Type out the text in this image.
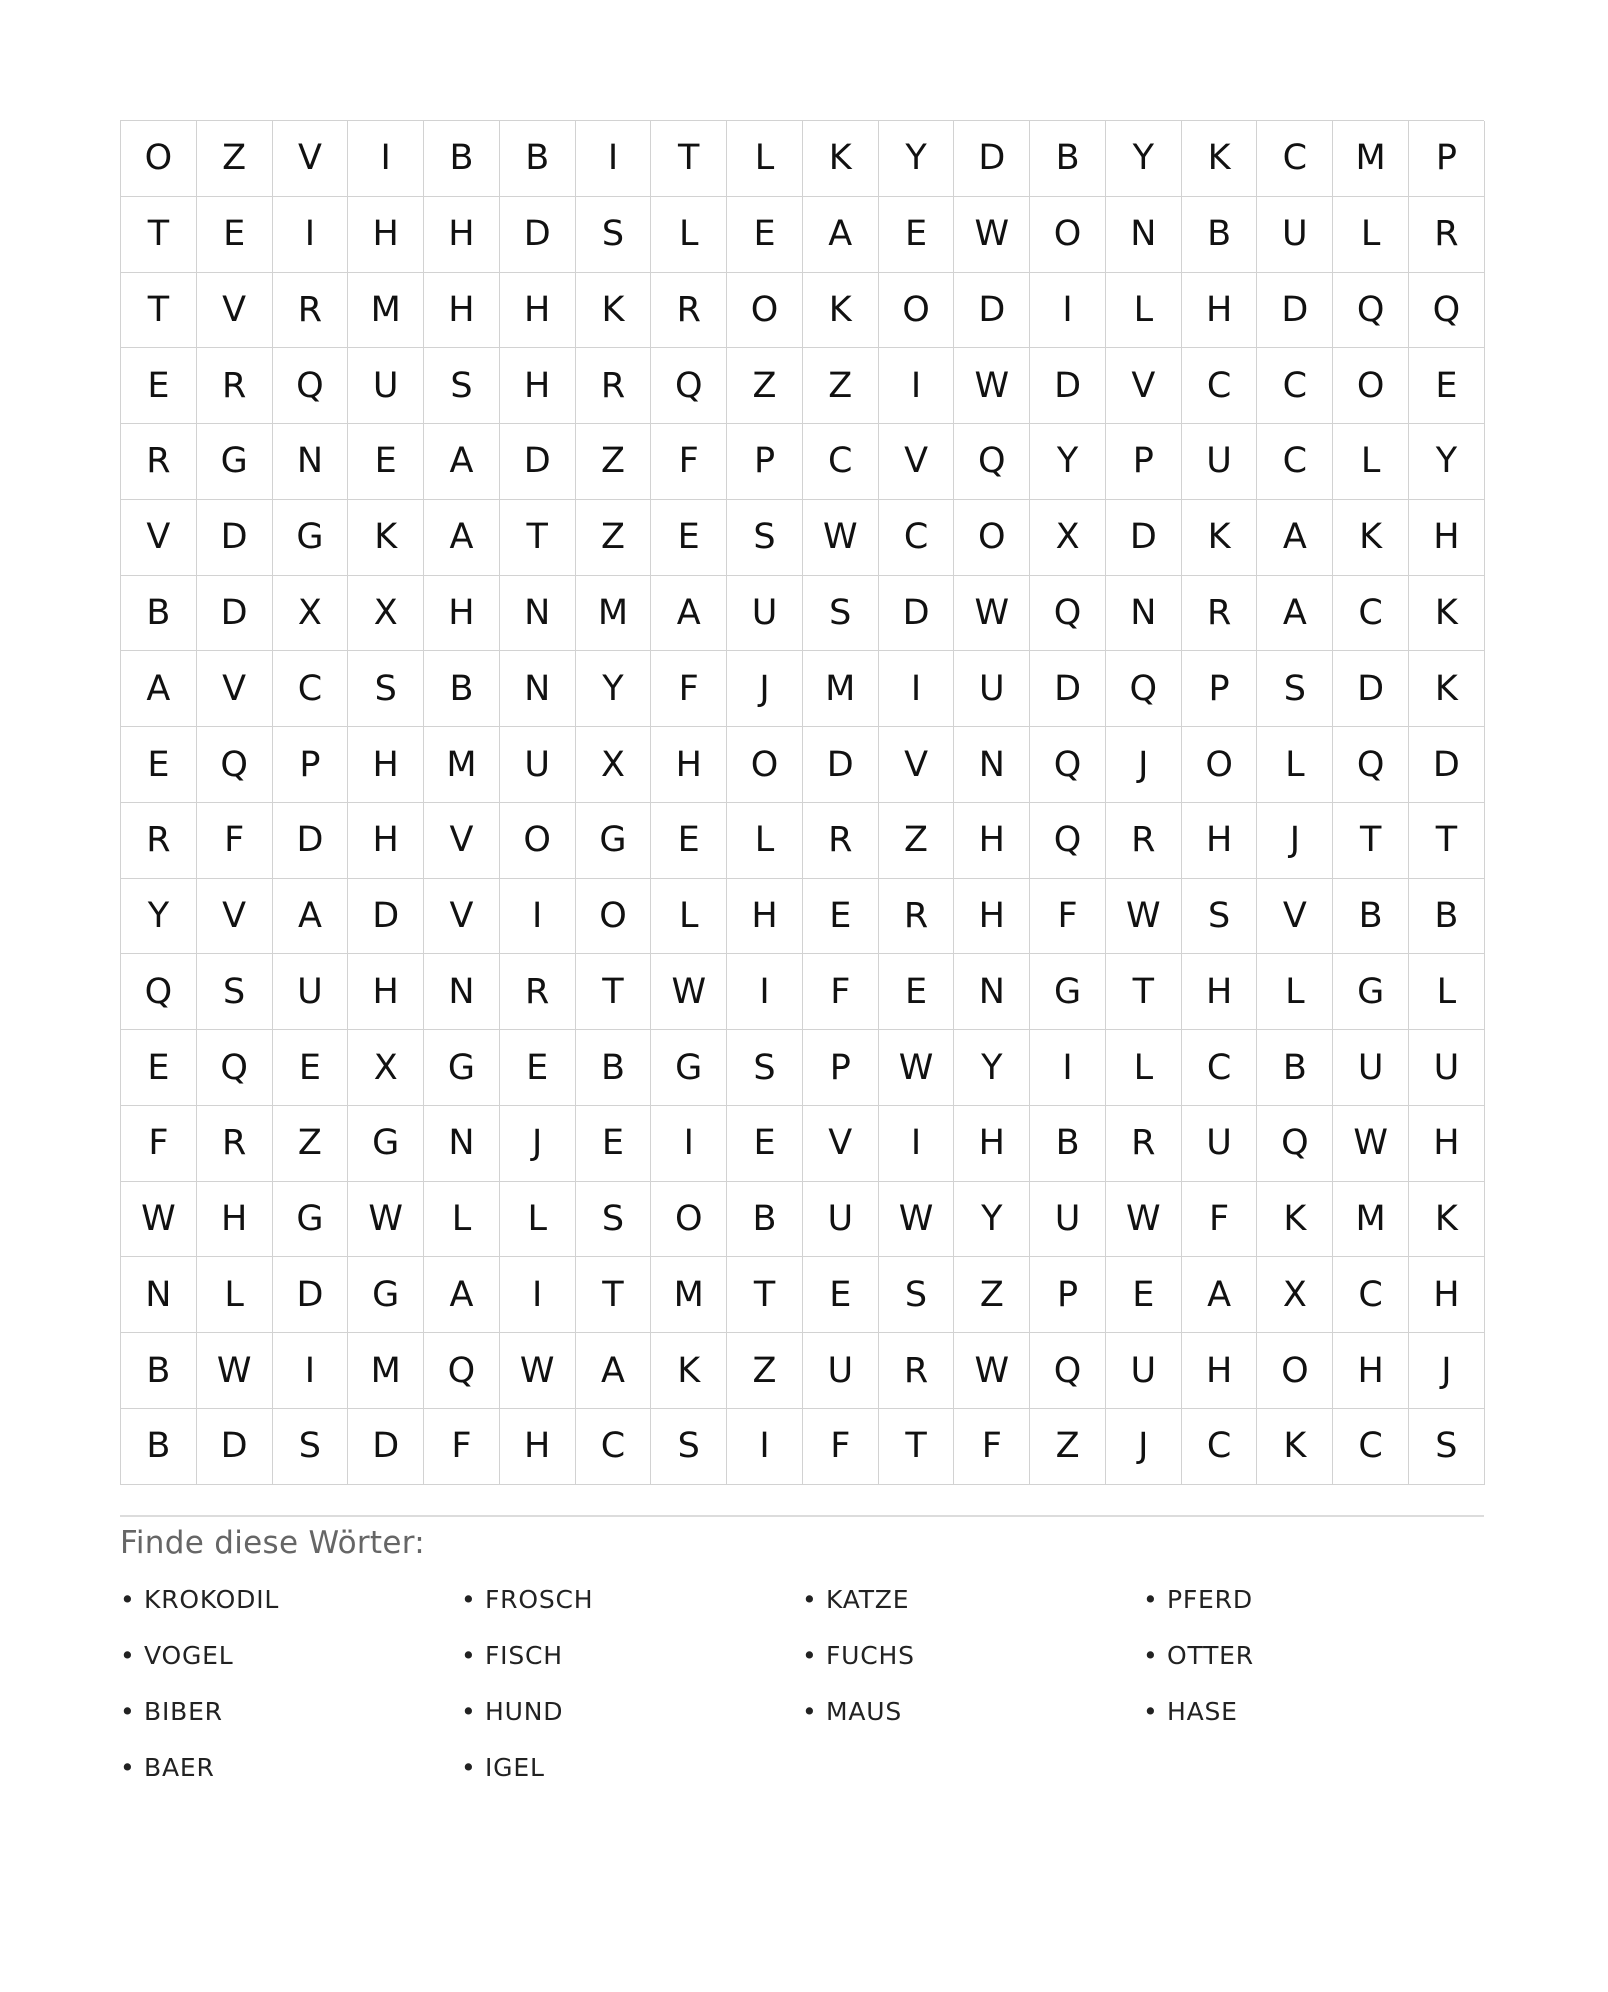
O	Z	V	I	B	B	I	T	L	K	Y	D	B	Y	K	C	M	P
T	E	I	H	H	D	S	L	E	A	E	W	O	N	B	U	L	R
T	V	R	M	H	H	K	R	O	K	O	D	I	L	H	D	Q	Q
E	R	Q	U	S	H	R	Q	Z	Z	I	W	D	V	C	C	O	E
R	G	N	E	A	D	Z	F	P	C	V	Q	Y	P	U	C	L	Y
V	D	G	K	A	T	Z	E	S	W	C	O	X	D	K	A	K	H
B	D	X	X	H	N	M	A	U	S	D	W	Q	N	R	A	C	K
A	V	C	S	B	N	Y	F	J	M	I	U	D	Q	P	S	D	K
E	Q	P	H	M	U	X	H	O	D	V	N	Q	J	O	L	Q	D
R	F	D	H	V	O	G	E	L	R	Z	H	Q	R	H	J	T	T
Y	V	A	D	V	I	O	L	H	E	R	H	F	W	S	V	B	B
Q	S	U	H	N	R	T	W	I	F	E	N	G	T	H	L	G	L
E	Q	E	X	G	E	B	G	S	P	W	Y	I	L	C	B	U	U
F	R	Z	G	N	J	E	I	E	V	I	H	B	R	U	Q	W	H
W	H	G	W	L	L	S	O	B	U	W	Y	U	W	F	K	M	K
N	L	D	G	A	I	T	M	T	E	S	Z	P	E	A	X	C	H
B	W	I	M	Q	W	A	K	Z	U	R	W	Q	U	H	O	H	J
B	D	S	D	F	H	C	S	I	F	T	F	Z	J	C	K	C	S
Finde diese Wörter:
• KROKODIL	• FROSCH	• KATZE	• PFERD
• VOGEL	• FISCH	• FUCHS	• OTTER
• BIBER	• HUND	• MAUS	• HASE
• BAER	• IGEL
